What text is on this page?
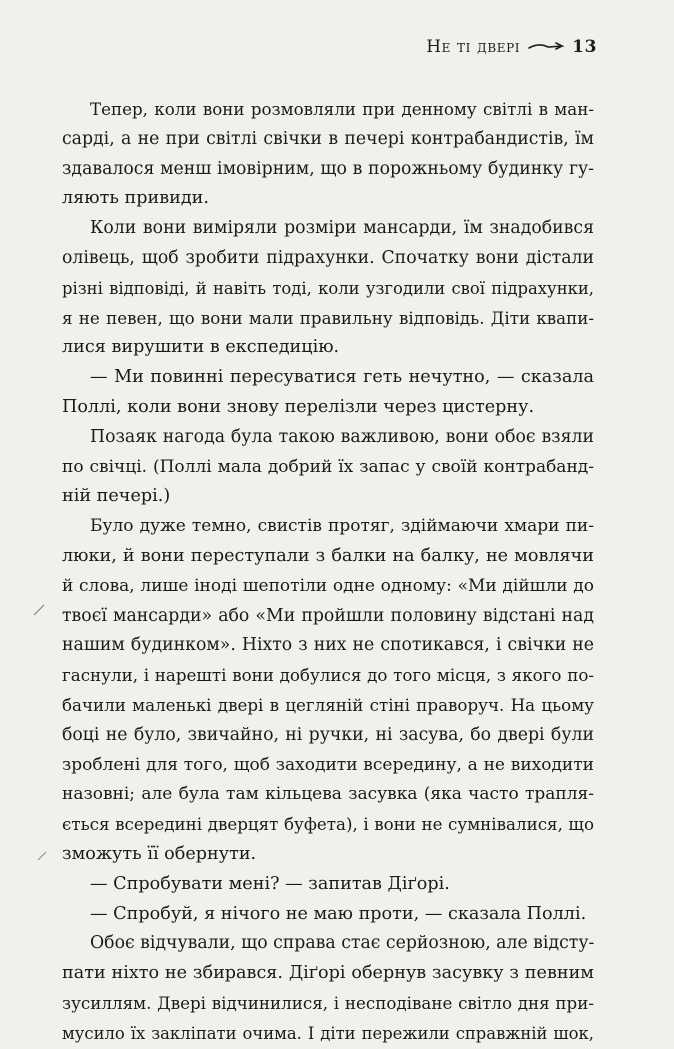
Не ті двері	13
Тепер, коли вони розмовляли при денному світлі в ман-
сарді, а не при світлі свічки в печері контрабандистів, їм
здавалося менш імовірним, що в порожньому будинку гу-
ляють привиди.
Коли вони виміряли розміри мансарди, їм знадобився
олівець, щоб зробити підрахунки. Спочатку вони дістали
різні відповіді, й навіть тоді, коли узгодили свої підрахунки,
я не певен, що вони мали правильну відповідь. Діти квапи-
лися вирушити в експедицію.
— Ми повинні пересуватися геть нечутно, — сказала
Поллі, коли вони знову перелізли через цистерну.
Позаяк нагода була такою важливою, вони обоє взяли
по свічці. (Поллі мала добрий їх запас у своїй контрабанд-
ній печері.)
Було дуже темно, свистів протяг, здіймаючи хмари пи-
люки, й вони переступали з балки на балку, не мовлячи
й слова, лише іноді шепотіли одне одному: «Ми дійшли до
твоєї мансарди» або «Ми пройшли половину відстані над
нашим будинком». Ніхто з них не спотикався, і свічки не
гаснули, і нарешті вони добулися до того місця, з якого по-
бачили маленькі двері в цегляній стіні праворуч. На цьому
боці не було, звичайно, ні ручки, ні засува, бо двері були
зроблені для того, щоб заходити всередину, а не виходити
назовні; але була там кільцева засувка (яка часто трапля-
ється всередині дверцят буфета), і вони не сумнівалися, що
зможуть її обернути.
— Спробувати мені? — запитав Діґорі.
— Спробуй, я нічого не маю проти, — сказала Поллі.
Обоє відчували, що справа стає серйозною, але відсту-
пати ніхто не збирався. Діґорі обернув засувку з певним
зусиллям. Двері відчинилися, і несподіване світло дня при-
мусило їх закліпати очима. І діти пережили справжній шок,
